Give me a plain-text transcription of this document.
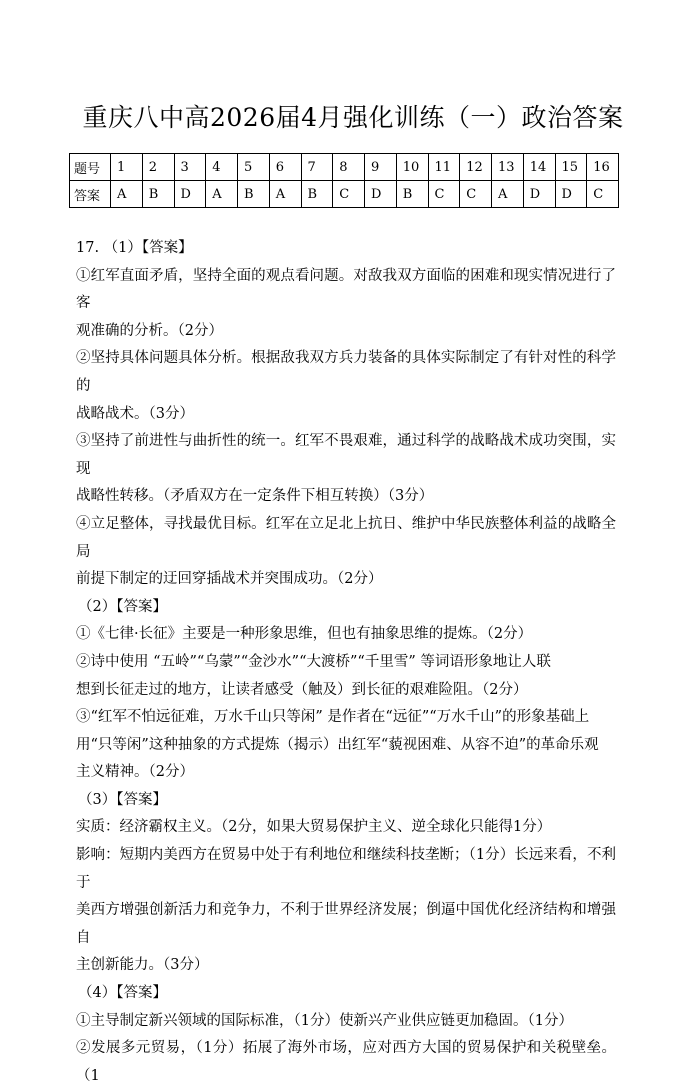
重庆八中高2026届4月强化训练（一）政治答案
题号	1	2	3	4	5	6	7	8	9	10	11	12	13	14	15	16
答案	A	B	D	A	B	A	B	C	D	B	C	C	A	D	D	C

17. （1）【答案】

①红军直面矛盾，坚持全面的观点看问题。对敌我双方面临的困难和现实情况进行了客

观准确的分析。（2分）

②坚持具体问题具体分析。根据敌我双方兵力装备的具体实际制定了有针对性的科学的

战略战术。（3分）

③坚持了前进性与曲折性的统一。红军不畏艰难，通过科学的战略战术成功突围，实现

战略性转移。（矛盾双方在一定条件下相互转换）（3分）

④立足整体，寻找最优目标。红军在立足北上抗日、维护中华民族整体利益的战略全局

前提下制定的迂回穿插战术并突围成功。（2分）

（2）【答案】

①《七律·长征》主要是一种形象思维，但也有抽象思维的提炼。（2分）

②诗中使用 “五岭”“乌蒙”“金沙水”“大渡桥”“千里雪” 等词语形象地让人联

想到长征走过的地方，让读者感受（触及）到长征的艰难险阻。（2分）

③“红军不怕远征难，万水千山只等闲” 是作者在“远征”“万水千山”的形象基础上

用“只等闲”这种抽象的方式提炼（揭示）出红军“藐视困难、从容不迫”的革命乐观

主义精神。（2分）

（3）【答案】

实质：经济霸权主义。（2分，如果大贸易保护主义、逆全球化只能得1分）

影响：短期内美西方在贸易中处于有利地位和继续科技垄断；（1分）长远来看，不利于

美西方增强创新活力和竞争力，不利于世界经济发展；倒逼中国优化经济结构和增强自

主创新能力。（3分）

（4）【答案】

①主导制定新兴领域的国际标准，（1分）使新兴产业供应链更加稳固。（1分）

②发展多元贸易，（1分）拓展了海外市场，应对西方大国的贸易保护和关税壁垒。（1
